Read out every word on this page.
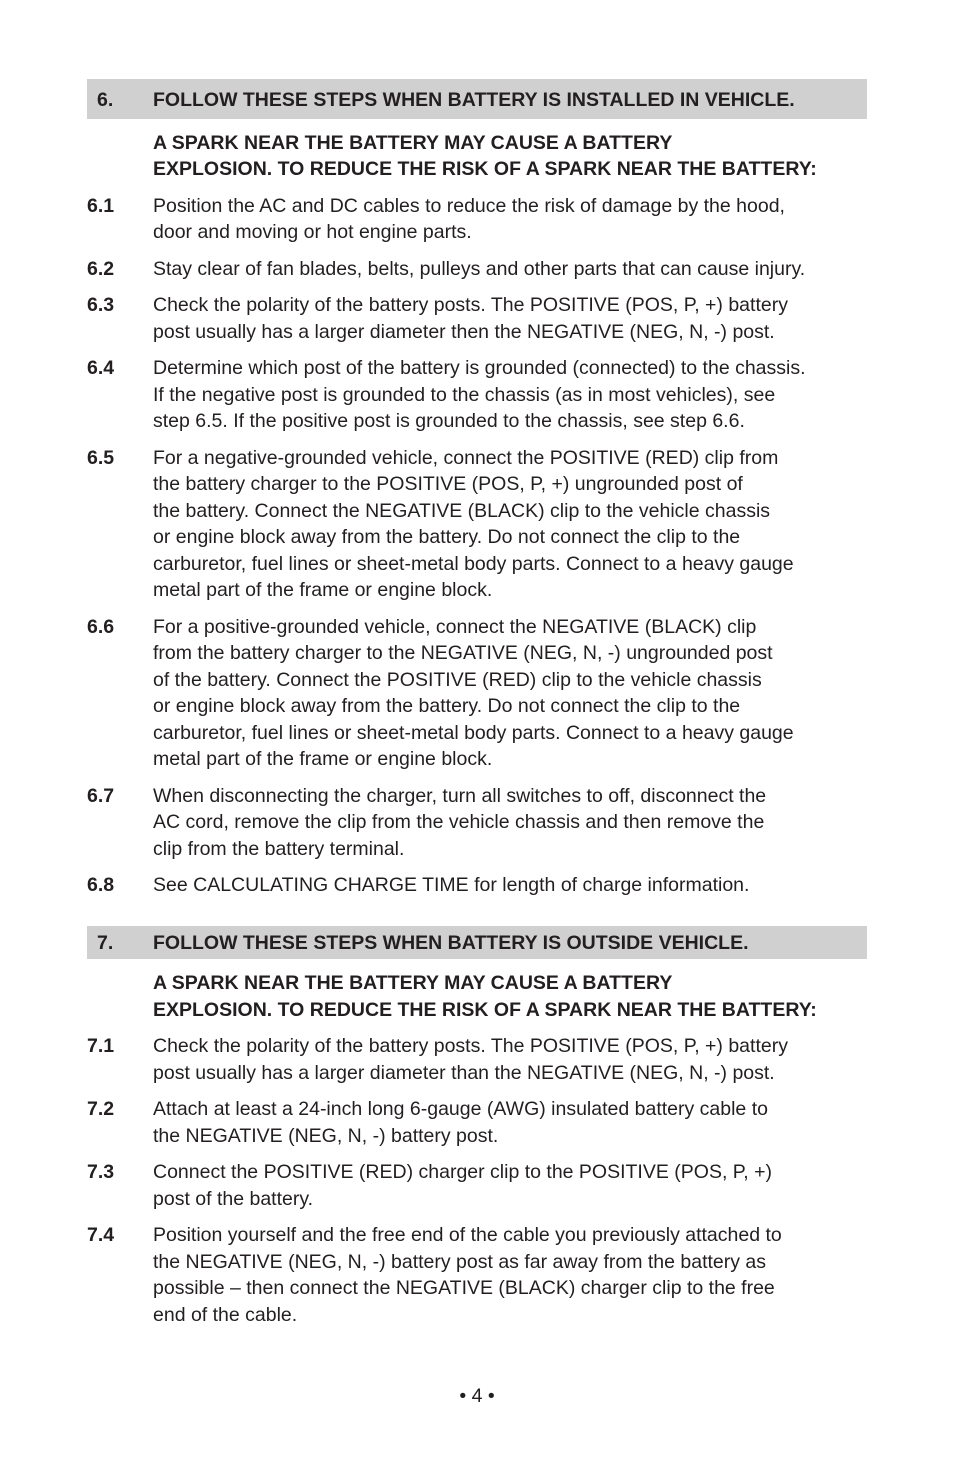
6.	FOLLOW THESE STEPS WHEN BATTERY IS INSTALLED IN VEHICLE.
A SPARK NEAR THE BATTERY MAY CAUSE A BATTERY
EXPLOSION. TO REDUCE THE RISK OF A SPARK NEAR THE BATTERY:
6.1	Position the AC and DC cables to reduce the risk of damage by the hood,
door and moving or hot engine parts.
6.2	Stay clear of fan blades, belts, pulleys and other parts that can cause injury.
6.3	Check the polarity of the battery posts. The POSITIVE (POS, P, +) battery
post usually has a larger diameter then the NEGATIVE (NEG, N, -) post.
6.4	Determine which post of the battery is grounded (connected) to the chassis.
If the negative post is grounded to the chassis (as in most vehicles), see
step 6.5. If the positive post is grounded to the chassis, see step 6.6.
6.5	For a negative-grounded vehicle, connect the POSITIVE (RED) clip from
the battery charger to the POSITIVE (POS, P, +) ungrounded post of
the battery. Connect the NEGATIVE (BLACK) clip to the vehicle chassis
or engine block away from the battery. Do not connect the clip to the
carburetor, fuel lines or sheet-metal body parts. Connect to a heavy gauge
metal part of the frame or engine block.
6.6	For a positive-grounded vehicle, connect the NEGATIVE (BLACK) clip
from the battery charger to the NEGATIVE (NEG, N, -) ungrounded post
of the battery. Connect the POSITIVE (RED) clip to the vehicle chassis
or engine block away from the battery. Do not connect the clip to the
carburetor, fuel lines or sheet-metal body parts. Connect to a heavy gauge
metal part of the frame or engine block.
6.7	When disconnecting the charger, turn all switches to off, disconnect the
AC cord, remove the clip from the vehicle chassis and then remove the
clip from the battery terminal.
6.8	See CALCULATING CHARGE TIME for length of charge information.
7.	FOLLOW THESE STEPS WHEN BATTERY IS OUTSIDE VEHICLE.
A SPARK NEAR THE BATTERY MAY CAUSE A BATTERY
EXPLOSION. TO REDUCE THE RISK OF A SPARK NEAR THE BATTERY:
7.1	Check the polarity of the battery posts. The POSITIVE (POS, P, +) battery
post usually has a larger diameter than the NEGATIVE (NEG, N, -) post.
7.2	Attach at least a 24-inch long 6-gauge (AWG) insulated battery cable to
the NEGATIVE (NEG, N, -) battery post.
7.3	Connect the POSITIVE (RED) charger clip to the POSITIVE (POS, P, +)
post of the battery.
7.4	Position yourself and the free end of the cable you previously attached to
the NEGATIVE (NEG, N, -) battery post as far away from the battery as
possible – then connect the NEGATIVE (BLACK) charger clip to the free
end of the cable.
• 4 •
